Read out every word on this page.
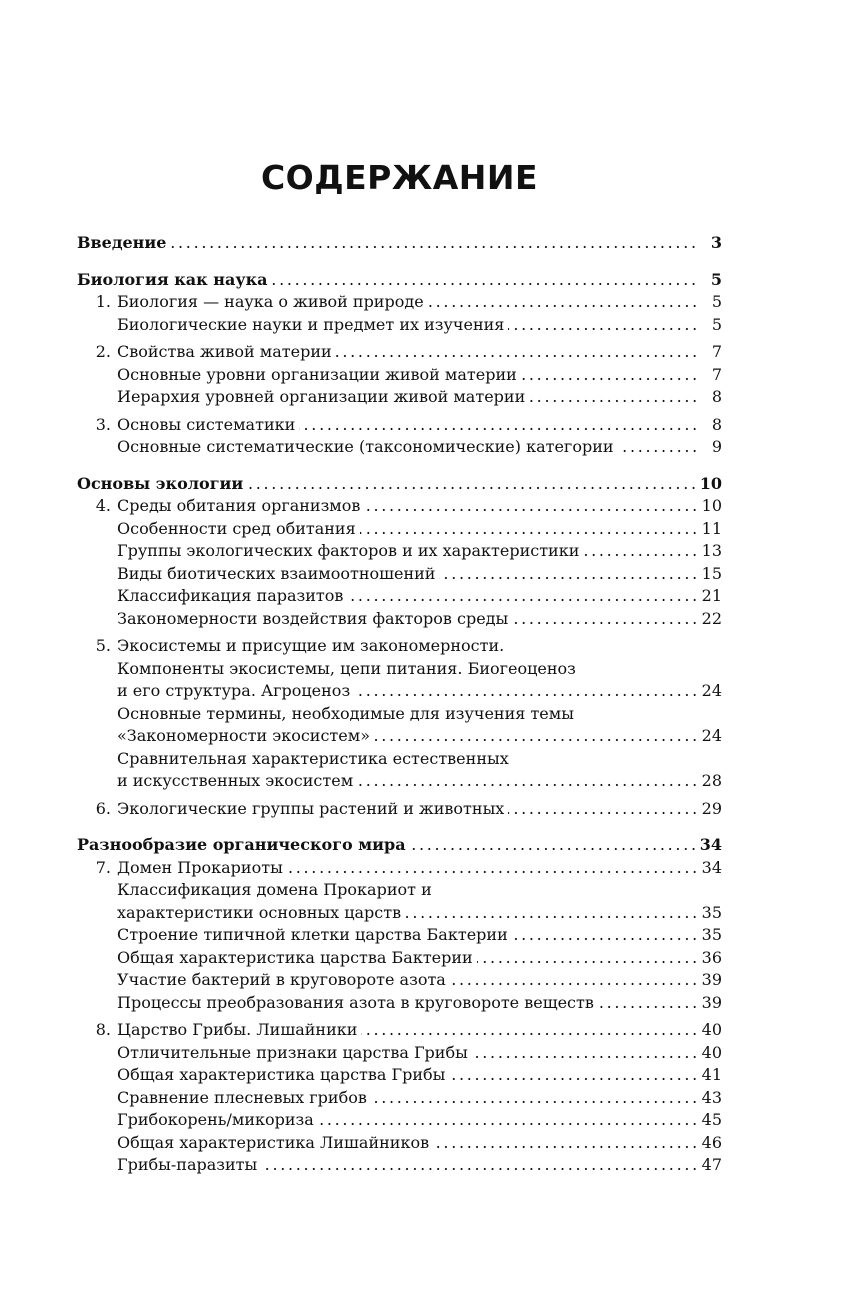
СОДЕРЖАНИЕ
Введение . . .	3
Биология как наука . . .	5
1. Биология — наука о живой природе . . .	5
Биологические науки и предмет их изучения . . .	5
2. Свойства живой материи . . .	7
Основные уровни организации живой материи . . .	7
Иерархия уровней организации живой материи . . .	8
3. Основы систематики . . .	8
Основные систематические (таксономические) категории . . .	9
Основы экологии . . .	10
4. Среды обитания организмов . . .	10
Особенности сред обитания . . .	11
Группы экологических факторов и их характеристики . . .	13
Виды биотических взаимоотношений . . .	15
Классификация паразитов . . .	21
Закономерности воздействия факторов среды . . .	22
5. Экосистемы и присущие им закономерности.
Компоненты экосистемы, цепи питания. Биогеоценоз
и его структура. Агроценоз . . .	24
Основные термины, необходимые для изучения темы
«Закономерности экосистем» . . .	24
Сравнительная характеристика естественных
и искусственных экосистем . . .	28
6. Экологические группы растений и животных . . .	29
Разнообразие органического мира . . .	34
7. Домен Прокариоты . . .	34
Классификация домена Прокариот и
характеристики основных царств . . .	35
Строение типичной клетки царства Бактерии . . .	35
Общая характеристика царства Бактерии . . .	36
Участие бактерий в круговороте азота . . .	39
Процессы преобразования азота в круговороте веществ . . .	39
8. Царство Грибы. Лишайники . . .	40
Отличительные признаки царства Грибы . . .	40
Общая характеристика царства Грибы . . .	41
Сравнение плесневых грибов . . .	43
Грибокорень/микориза . . .	45
Общая характеристика Лишайников . . .	46
Грибы-паразиты . . .	47
